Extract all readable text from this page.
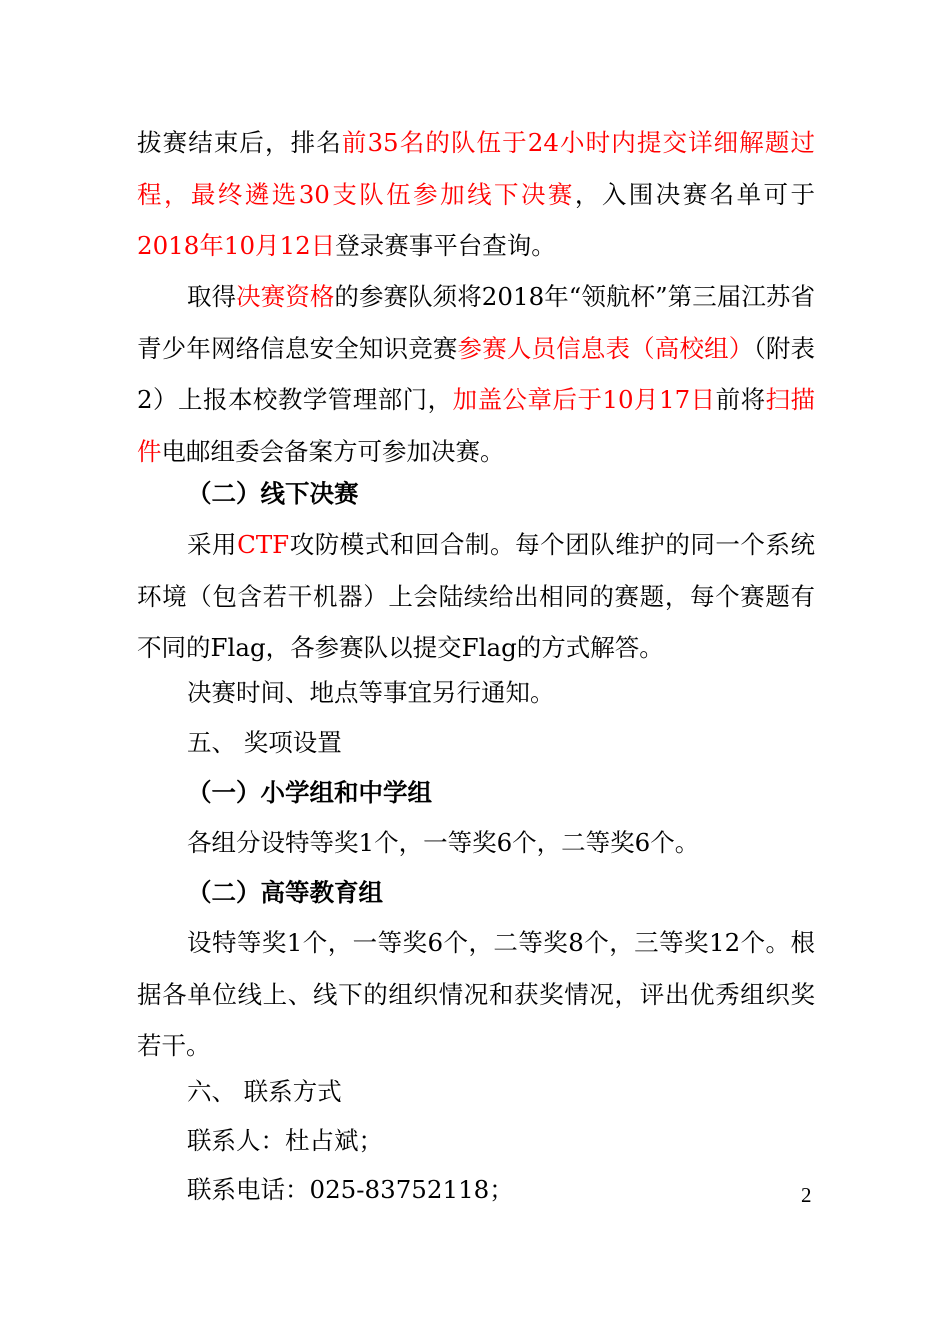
拔赛结束后，排名前35名的队伍于24小时内提交详细解题过程，最终遴选30支队伍参加线下决赛，入围决赛名单可于2018年10月12日登录赛事平台查询。

取得决赛资格的参赛队须将2018年“领航杯”第三届江苏省青少年网络信息安全知识竞赛参赛人员信息表（高校组）（附表2）上报本校教学管理部门，加盖公章后于10月17日前将扫描件电邮组委会备案方可参加决赛。

（二）线下决赛

采用CTF攻防模式和回合制。每个团队维护的同一个系统环境（包含若干机器）上会陆续给出相同的赛题，每个赛题有不同的Flag，各参赛队以提交Flag的方式解答。

决赛时间、地点等事宜另行通知。

五、 奖项设置

（一）小学组和中学组

各组分设特等奖1个，一等奖6个，二等奖6个。

（二）高等教育组

设特等奖1个，一等奖6个，二等奖8个，三等奖12个。根据各单位线上、线下的组织情况和获奖情况，评出优秀组织奖若干。

六、 联系方式

联系人：杜占斌；

联系电话：025-83752118；	2
